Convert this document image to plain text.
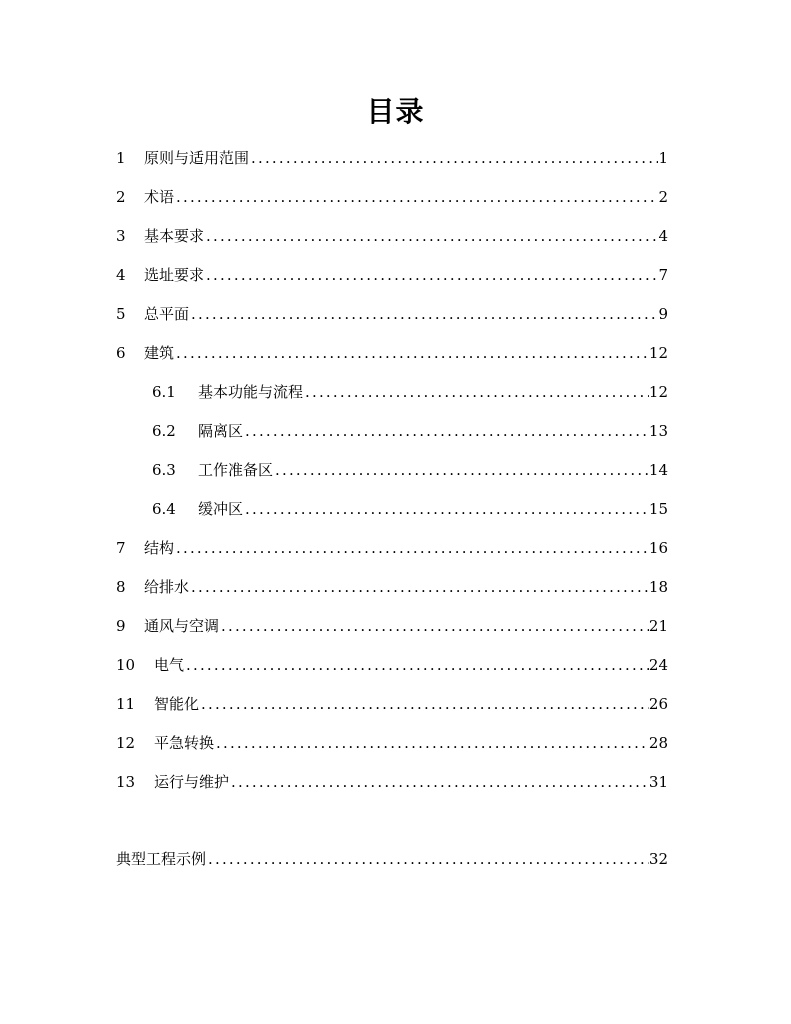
目录
1	原则与适用范围 .....	1
2	术语 .....	2
3	基本要求 .....	4
4	选址要求 .....	7
5	总平面 .....	9
6	建筑 .....	12
6.1	基本功能与流程 .....	12
6.2	隔离区 .....	13
6.3	工作准备区 .....	14
6.4	缓冲区 .....	15
7	结构 .....	16
8	给排水 .....	18
9	通风与空调 .....	21
10	电气 .....	24
11	智能化 .....	26
12	平急转换 .....	28
13	运行与维护 .....	31
典型工程示例 .....	32
